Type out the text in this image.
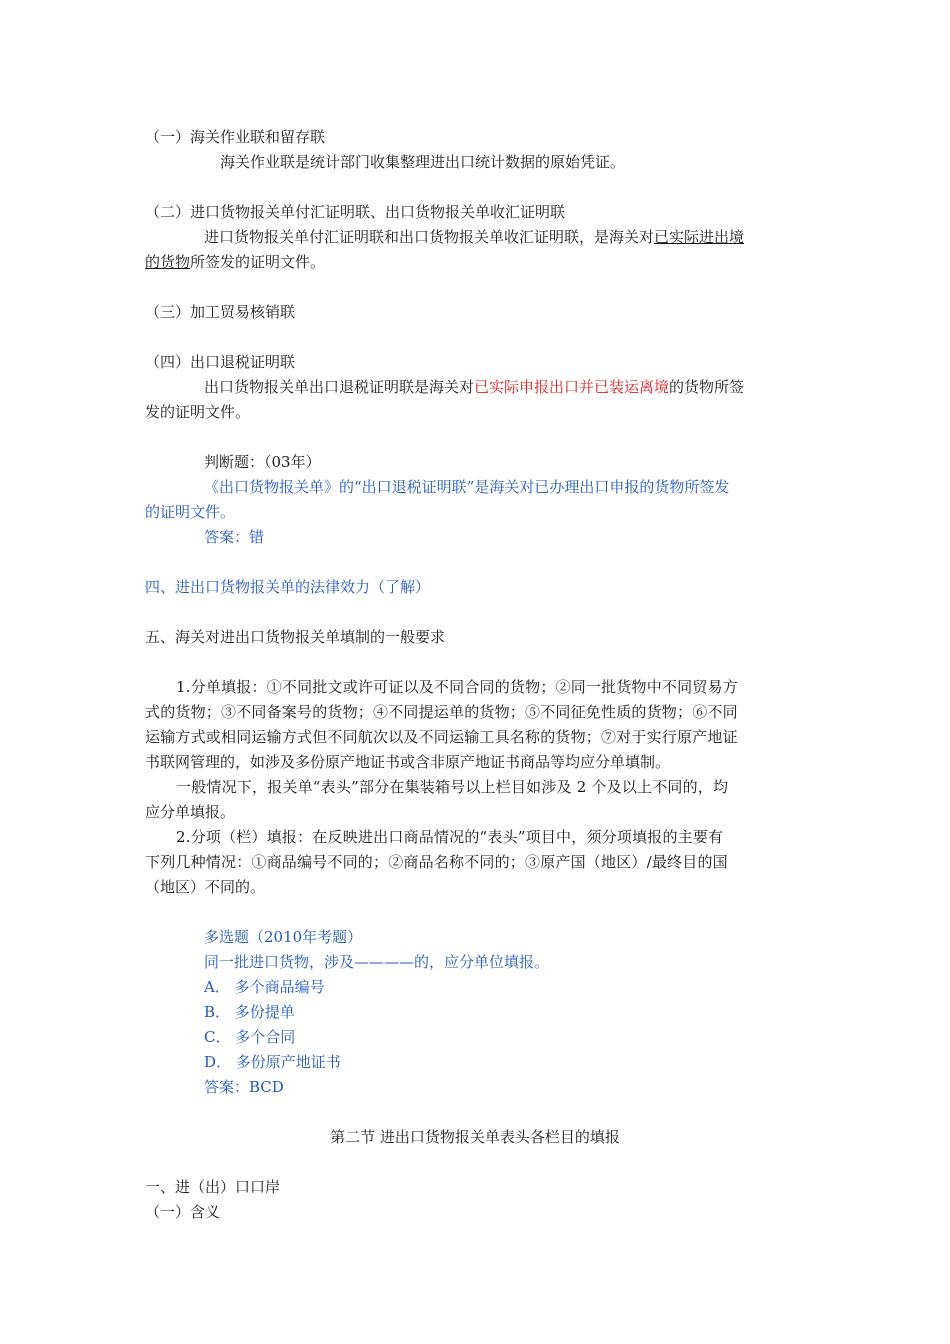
（一）海关作业联和留存联
海关作业联是统计部门收集整理进出口统计数据的原始凭证。
（二）进口货物报关单付汇证明联、出口货物报关单收汇证明联
进口货物报关单付汇证明联和出口货物报关单收汇证明联，是海关对已实际进出境
的货物所签发的证明文件。
（三）加工贸易核销联
（四）出口退税证明联
出口货物报关单出口退税证明联是海关对已实际申报出口并已装运离境的货物所签
发的证明文件。
判断题：（03年）
《出口货物报关单》的“出口退税证明联”是海关对已办理出口申报的货物所签发
的证明文件。
答案：错
四、进出口货物报关单的法律效力（了解）
五、海关对进出口货物报关单填制的一般要求
1.分单填报：①不同批文或许可证以及不同合同的货物；②同一批货物中不同贸易方
式的货物；③不同备案号的货物；④不同提运单的货物；⑤不同征免性质的货物；⑥不同
运输方式或相同运输方式但不同航次以及不同运输工具名称的货物；⑦对于实行原产地证
书联网管理的，如涉及多份原产地证书或含非原产地证书商品等均应分单填制。
一般情况下，报关单“表头”部分在集装箱号以上栏目如涉及 2 个及以上不同的，均
应分单填报。
2.分项（栏）填报：在反映进出口商品情况的“表头”项目中，须分项填报的主要有
下列几种情况：①商品编号不同的；②商品名称不同的；③原产国（地区）/最终目的国
（地区）不同的。
多选题（2010年考题）
同一批进口货物，涉及————的，应分单位填报。
A． 多个商品编号
B． 多份提单
C． 多个合同
D． 多份原产地证书
答案：BCD
第二节 进出口货物报关单表头各栏目的填报
一、进（出）口口岸
（一）含义
